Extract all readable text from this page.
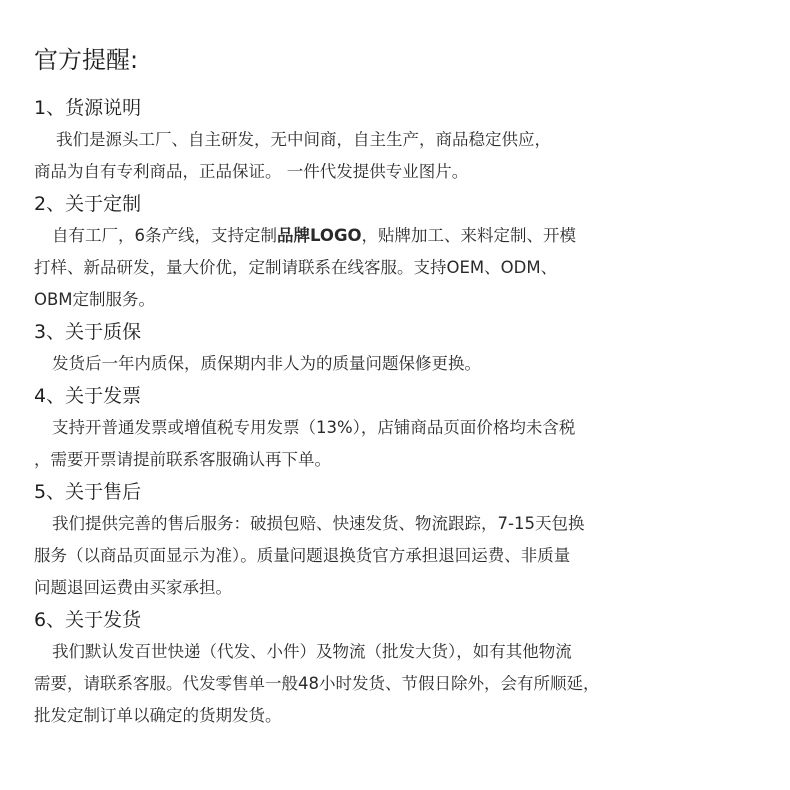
官方提醒:
1、货源说明
我们是源头工厂、自主研发，无中间商，自主生产，商品稳定供应，
商品为自有专利商品，正品保证。 一件代发提供专业图片。
2、关于定制
自有工厂，6条产线，支持定制品牌LOGO，贴牌加工、来料定制、开模
打样、新品研发，量大价优，定制请联系在线客服。支持OEM、ODM、
OBM定制服务。
3、关于质保
发货后一年内质保，质保期内非人为的质量问题保修更换。
4、关于发票
支持开普通发票或增值税专用发票（13%），店铺商品页面价格均未含税
，需要开票请提前联系客服确认再下单。
5、关于售后
我们提供完善的售后服务：破损包赔、快速发货、物流跟踪，7-15天包换
服务（以商品页面显示为准）。质量问题退换货官方承担退回运费、非质量
问题退回运费由买家承担。
6、关于发货
我们默认发百世快递（代发、小件）及物流（批发大货），如有其他物流
需要，请联系客服。代发零售单一般48小时发货、节假日除外，会有所顺延，
批发定制订单以确定的货期发货。
